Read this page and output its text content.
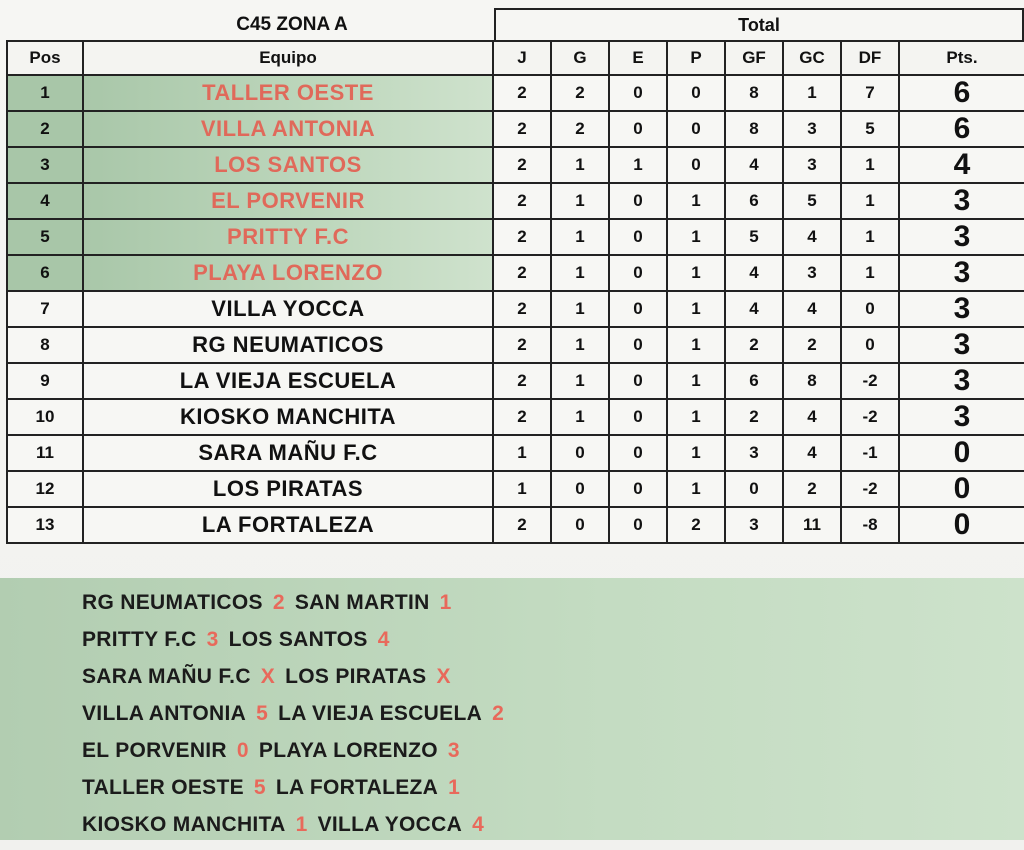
C45 ZONA A	Total
Pos	Equipo	J	G	E	P	GF	GC	DF	Pts.
1	TALLER OESTE	2	2	0	0	8	1	7	6
2	VILLA ANTONIA	2	2	0	0	8	3	5	6
3	LOS SANTOS	2	1	1	0	4	3	1	4
4	EL PORVENIR	2	1	0	1	6	5	1	3
5	PRITTY F.C	2	1	0	1	5	4	1	3
6	PLAYA LORENZO	2	1	0	1	4	3	1	3
7	VILLA YOCCA	2	1	0	1	4	4	0	3
8	RG NEUMATICOS	2	1	0	1	2	2	0	3
9	LA VIEJA ESCUELA	2	1	0	1	6	8	-2	3
10	KIOSKO MANCHITA	2	1	0	1	2	4	-2	3
11	SARA MAÑU F.C	1	0	0	1	3	4	-1	0
12	LOS PIRATAS	1	0	0	1	0	2	-2	0
13	LA FORTALEZA	2	0	0	2	3	11	-8	0
RG NEUMATICOS 2 SAN MARTIN 1
PRITTY F.C 3 LOS SANTOS 4
SARA MAÑU F.C X LOS PIRATAS X
VILLA ANTONIA 5 LA VIEJA ESCUELA 2
EL PORVENIR 0 PLAYA LORENZO 3
TALLER OESTE 5 LA FORTALEZA 1
KIOSKO MANCHITA 1 VILLA YOCCA 4
